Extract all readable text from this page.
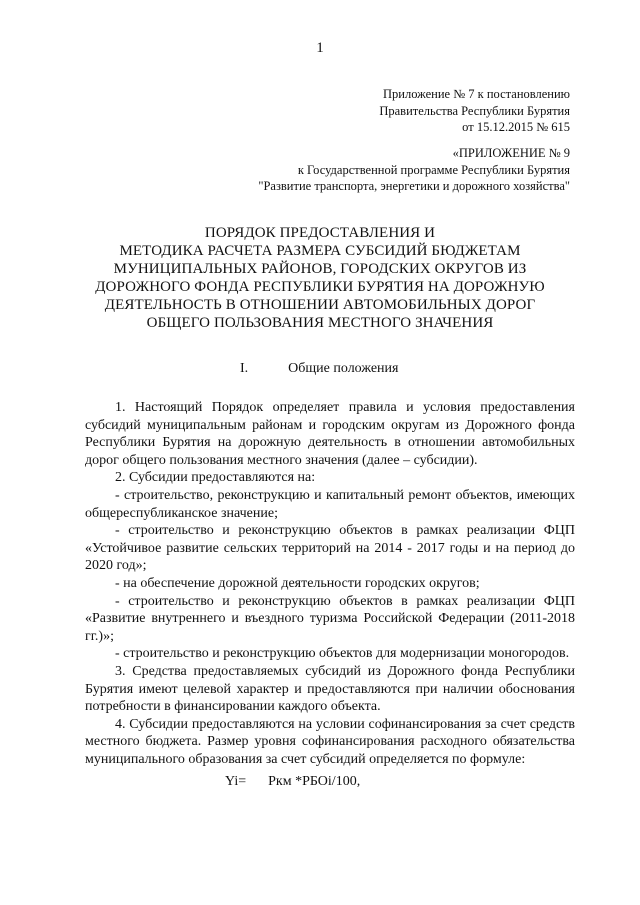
1
Приложение № 7 к постановлению
Правительства Республики Бурятия
от 15.12.2015 № 615
«ПРИЛОЖЕНИЕ № 9
к Государственной программе Республики Бурятия
"Развитие транспорта, энергетики и дорожного хозяйства"
ПОРЯДОК ПРЕДОСТАВЛЕНИЯ И
МЕТОДИКА РАСЧЕТА РАЗМЕРА СУБСИДИЙ БЮДЖЕТАМ
МУНИЦИПАЛЬНЫХ РАЙОНОВ, ГОРОДСКИХ ОКРУГОВ ИЗ
ДОРОЖНОГО ФОНДА РЕСПУБЛИКИ БУРЯТИЯ НА ДОРОЖНУЮ
ДЕЯТЕЛЬНОСТЬ В ОТНОШЕНИИ АВТОМОБИЛЬНЫХ ДОРОГ
ОБЩЕГО ПОЛЬЗОВАНИЯ МЕСТНОГО ЗНАЧЕНИЯ
I.	Общие положения

1. Настоящий Порядок определяет правила и условия предоставления субсидий муниципальным районам и городским округам из Дорожного фонда Республики Бурятия на дорожную деятельность в отношении автомобильных дорог общего пользования местного значения (далее – субсидии).

2. Субсидии предоставляются на:

- строительство, реконструкцию и капитальный ремонт объектов, имеющих общереспубликанское значение;

- строительство и реконструкцию объектов в рамках реализации ФЦП «Устойчивое развитие сельских территорий на 2014 - 2017 годы и на период до 2020 год»;

- на обеспечение дорожной деятельности городских округов;

- строительство и реконструкцию объектов в рамках реализации ФЦП «Развитие внутреннего и въездного туризма Российской Федерации (2011-2018 гг.)»;

- строительство и реконструкцию объектов для модернизации моногородов.

3. Средства предоставляемых субсидий из Дорожного фонда Республики Бурятия имеют целевой характер и предоставляются при наличии обоснования потребности в финансировании каждого объекта.

4. Субсидии предоставляются на условии софинансирования за счет средств местного бюджета. Размер уровня софинансирования расходного обязательства муниципального образования за счет субсидий определяется по формуле:

Yi= Ркм *РБОi/100,
